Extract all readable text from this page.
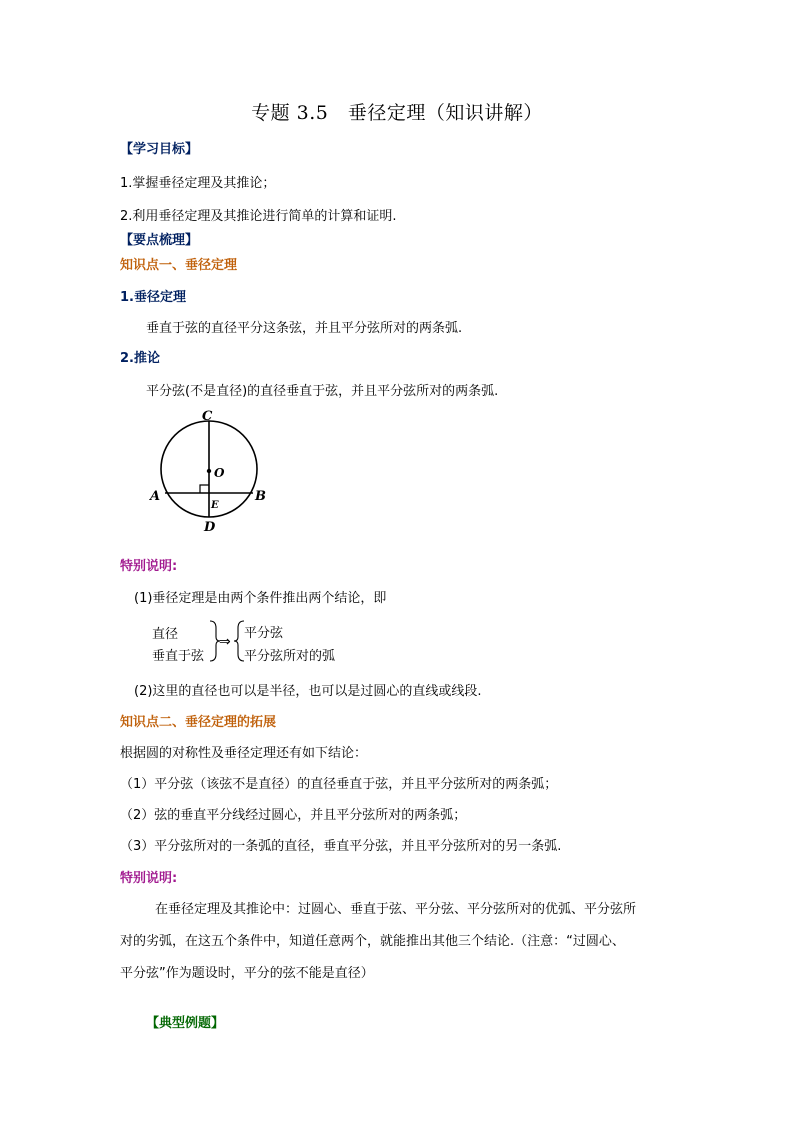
专题 3.5　垂径定理（知识讲解）
【学习目标】
1.掌握垂径定理及其推论；
2.利用垂径定理及其推论进行简单的计算和证明.
【要点梳理】
知识点一、垂径定理
1.垂径定理
垂直于弦的直径平分这条弦，并且平分弦所对的两条弧.
2.推论
平分弦(不是直径)的直径垂直于弦，并且平分弦所对的两条弧.
C
O
A	B
E
D
特别说明:
(1)垂径定理是由两个条件推出两个结论，即
直径
垂直于弦
⇒
平分弦
平分弦所对的弧
(2)这里的直径也可以是半径，也可以是过圆心的直线或线段.
知识点二、垂径定理的拓展
根据圆的对称性及垂径定理还有如下结论：
（1）平分弦（该弦不是直径）的直径垂直于弦，并且平分弦所对的两条弧；
（2）弦的垂直平分线经过圆心，并且平分弦所对的两条弧；
（3）平分弦所对的一条弧的直径，垂直平分弦，并且平分弦所对的另一条弧.
特别说明:
在垂径定理及其推论中：过圆心、垂直于弦、平分弦、平分弦所对的优弧、平分弦所
对的劣弧，在这五个条件中，知道任意两个，就能推出其他三个结论.（注意：“过圆心、
平分弦”作为题设时，平分的弦不能是直径）
【典型例题】
